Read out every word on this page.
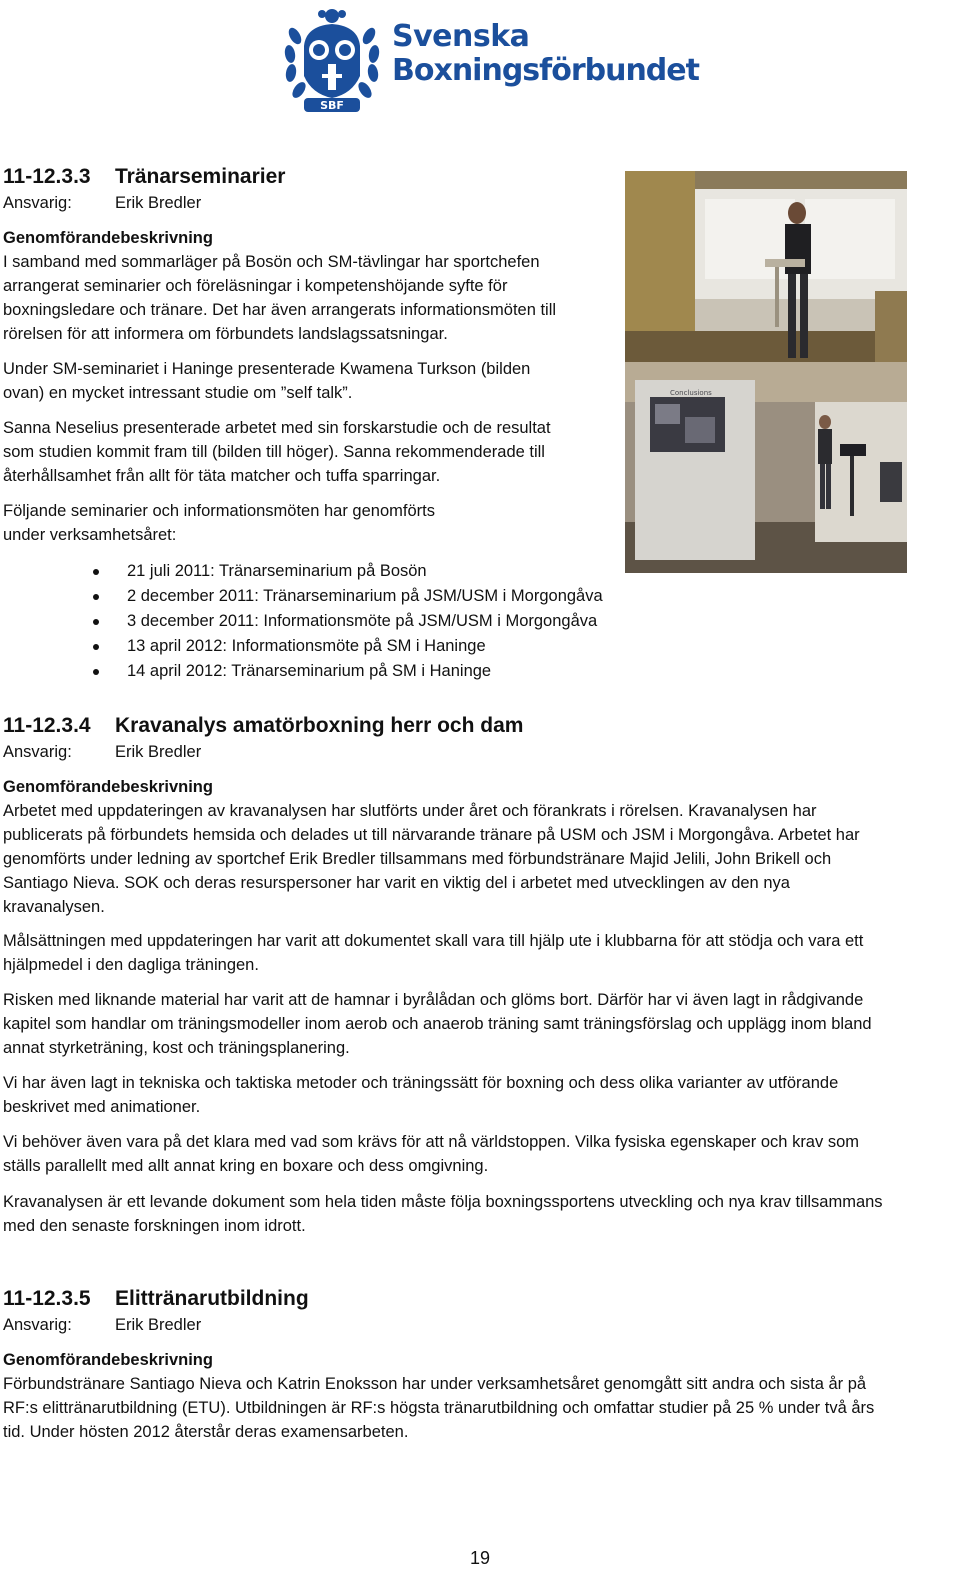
SBF
Svenska
Boxningsförbundet
Conclusions
11-12.3.3 Tränarseminarier
Ansvarig:	Erik Bredler
Genomförandebeskrivning

I samband med sommarläger på Bosön och SM-tävlingar har sportchefen

arrangerat seminarier och föreläsningar i kompetenshöjande syfte för

boxningsledare och tränare. Det har även arrangerats informationsmöten till

rörelsen för att informera om förbundets landslagssatsningar.

Under SM-seminariet i Haninge presenterade Kwamena Turkson (bilden

ovan) en mycket intressant studie om ”self talk”.

Sanna Neselius presenterade arbetet med sin forskarstudie och de resultat

som studien kommit fram till (bilden till höger). Sanna rekommenderade till

återhållsamhet från allt för täta matcher och tuffa sparringar.

Följande seminarier och informationsmöten har genomförts

under verksamhetsåret:

21 juli 2011: Tränarseminarium på Bosön
2 december 2011: Tränarseminarium på JSM/USM i Morgongåva
3 december 2011: Informationsmöte på JSM/USM i Morgongåva
13 april 2012: Informationsmöte på SM i Haninge
14 april 2012: Tränarseminarium på SM i Haninge
11-12.3.4 Kravanalys amatörboxning herr och dam
Ansvarig:	Erik Bredler
Genomförandebeskrivning

Arbetet med uppdateringen av kravanalysen har slutförts under året och förankrats i rörelsen. Kravanalysen har

publicerats på förbundets hemsida och delades ut till närvarande tränare på USM och JSM i Morgongåva. Arbetet har

genomförts under ledning av sportchef Erik Bredler tillsammans med förbundstränare Majid Jelili, John Brikell och

Santiago Nieva. SOK och deras resurspersoner har varit en viktig del i arbetet med utvecklingen av den nya

kravanalysen.

Målsättningen med uppdateringen har varit att dokumentet skall vara till hjälp ute i klubbarna för att stödja och vara ett

hjälpmedel i den dagliga träningen.

Risken med liknande material har varit att de hamnar i byrålådan och glöms bort. Därför har vi även lagt in rådgivande

kapitel som handlar om träningsmodeller inom aerob och anaerob träning samt träningsförslag och upplägg inom bland

annat styrketräning, kost och träningsplanering.

Vi har även lagt in tekniska och taktiska metoder och träningssätt för boxning och dess olika varianter av utförande

beskrivet med animationer.

Vi behöver även vara på det klara med vad som krävs för att nå världstoppen. Vilka fysiska egenskaper och krav som

ställs parallellt med allt annat kring en boxare och dess omgivning.

Kravanalysen är ett levande dokument som hela tiden måste följa boxningssportens utveckling och nya krav tillsammans

med den senaste forskningen inom idrott.

11-12.3.5 Elittränarutbildning
Ansvarig:	Erik Bredler
Genomförandebeskrivning

Förbundstränare Santiago Nieva och Katrin Enoksson har under verksamhetsåret genomgått sitt andra och sista år på

RF:s elittränarutbildning (ETU). Utbildningen är RF:s högsta tränarutbildning och omfattar studier på 25 % under två års

tid. Under hösten 2012 återstår deras examensarbeten.

19
